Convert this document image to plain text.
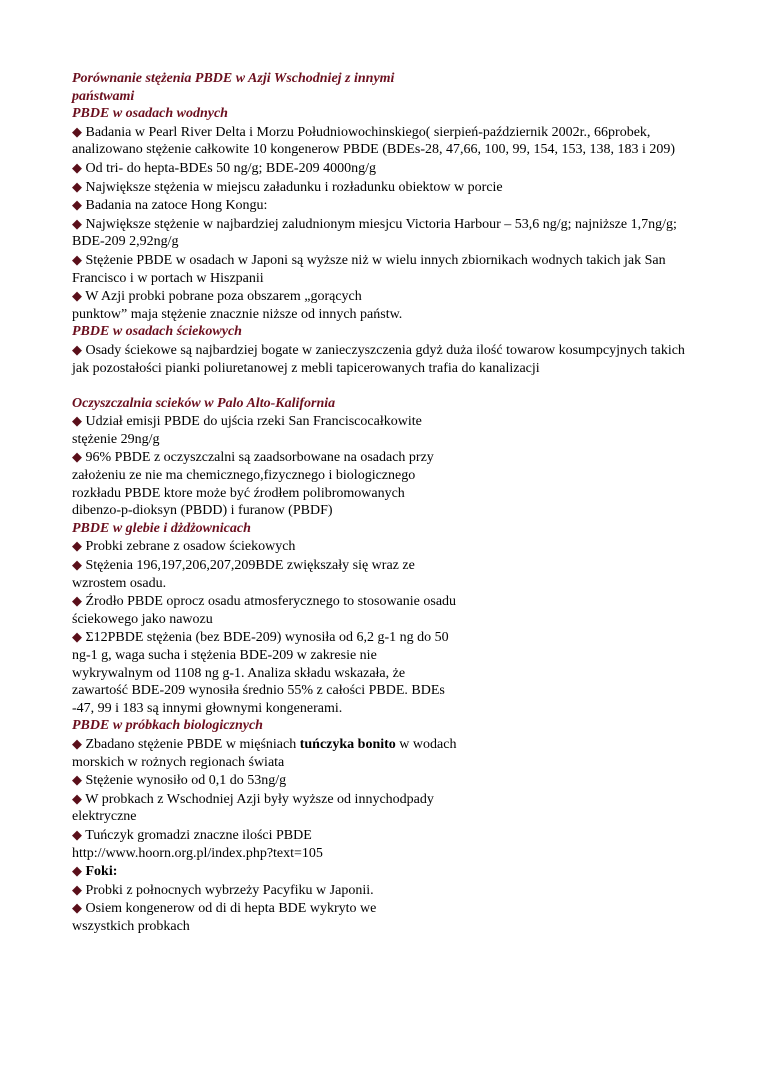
Porównanie stężenia PBDE w Azji Wschodniej z innymi
państwami
PBDE w osadach wodnych

◆ Badania w Pearl River Delta i Morzu Południowochinskiego( sierpień-październik 2002r., 66probek, analizowano stężenie całkowite 10 kongenerow PBDE (BDEs-28, 47,66, 100, 99, 154, 153, 138, 183 i 209)

◆ Od tri- do hepta-BDEs 50 ng/g; BDE-209 4000ng/g

◆ Największe stężenia w miejscu załadunku i rozładunku obiektow w porcie

◆ Badania na zatoce Hong Kongu:

◆ Największe stężenie w najbardziej zaludnionym miesjcu Victoria Harbour – 53,6 ng/g; najniższe 1,7ng/g; BDE-209 2,92ng/g

◆ Stężenie PBDE w osadach w Japoni są wyższe niż w wielu innych zbiornikach wodnych takich jak San Francisco i w portach w Hiszpanii

◆ W Azji probki pobrane poza obszarem „gorących
punktow” maja stężenie znacznie niższe od innych państw.

PBDE w osadach ściekowych

◆ Osady ściekowe są najbardziej bogate w zanieczyszczenia gdyż duża ilość towarow kosumpcyjnych takich jak pozostałości pianki poliuretanowej z mebli tapicerowanych trafia do kanalizacji

Oczyszczalnia scieków w Palo Alto-Kalifornia

◆ Udział emisji PBDE do ujścia rzeki San Franciscocałkowite stężenie 29ng/g

◆ 96% PBDE z oczyszczalni są zaadsorbowane na osadach przy założeniu ze nie ma chemicznego,fizycznego i biologicznego rozkładu PBDE ktore może być źrodłem polibromowanych dibenzo-p-dioksyn (PBDD) i furanow (PBDF)

PBDE w glebie i dżdżownicach

◆ Probki zebrane z osadow ściekowych

◆ Stężenia 196,197,206,207,209BDE zwiększały się wraz ze wzrostem osadu.

◆ Źrodło PBDE oprocz osadu atmosferycznego to stosowanie osadu ściekowego jako nawozu

◆ Σ12PBDE stężenia (bez BDE-209) wynosiła od 6,2 g-1 ng do 50 ng-1 g, waga sucha i stężenia BDE-209 w zakresie nie wykrywalnym od 1108 ng g-1. Analiza składu wskazała, że zawartość BDE-209 wynosiła średnio 55% z całości PBDE. BDEs -47, 99 i 183 są innymi głownymi kongenerami.

PBDE w próbkach biologicznych

◆ Zbadano stężenie PBDE w mięśniach tuńczyka bonito w wodach morskich w rożnych regionach świata

◆ Stężenie wynosiło od 0,1 do 53ng/g

◆ W probkach z Wschodniej Azji były wyższe od innychodpady elektryczne

◆ Tuńczyk gromadzi znaczne ilości PBDE

http://www.hoorn.org.pl/index.php?text=105

◆ Foki:

◆ Probki z połnocnych wybrzeży Pacyfiku w Japonii.

◆ Osiem kongenerow od di di hepta BDE wykryto we wszystkich probkach
